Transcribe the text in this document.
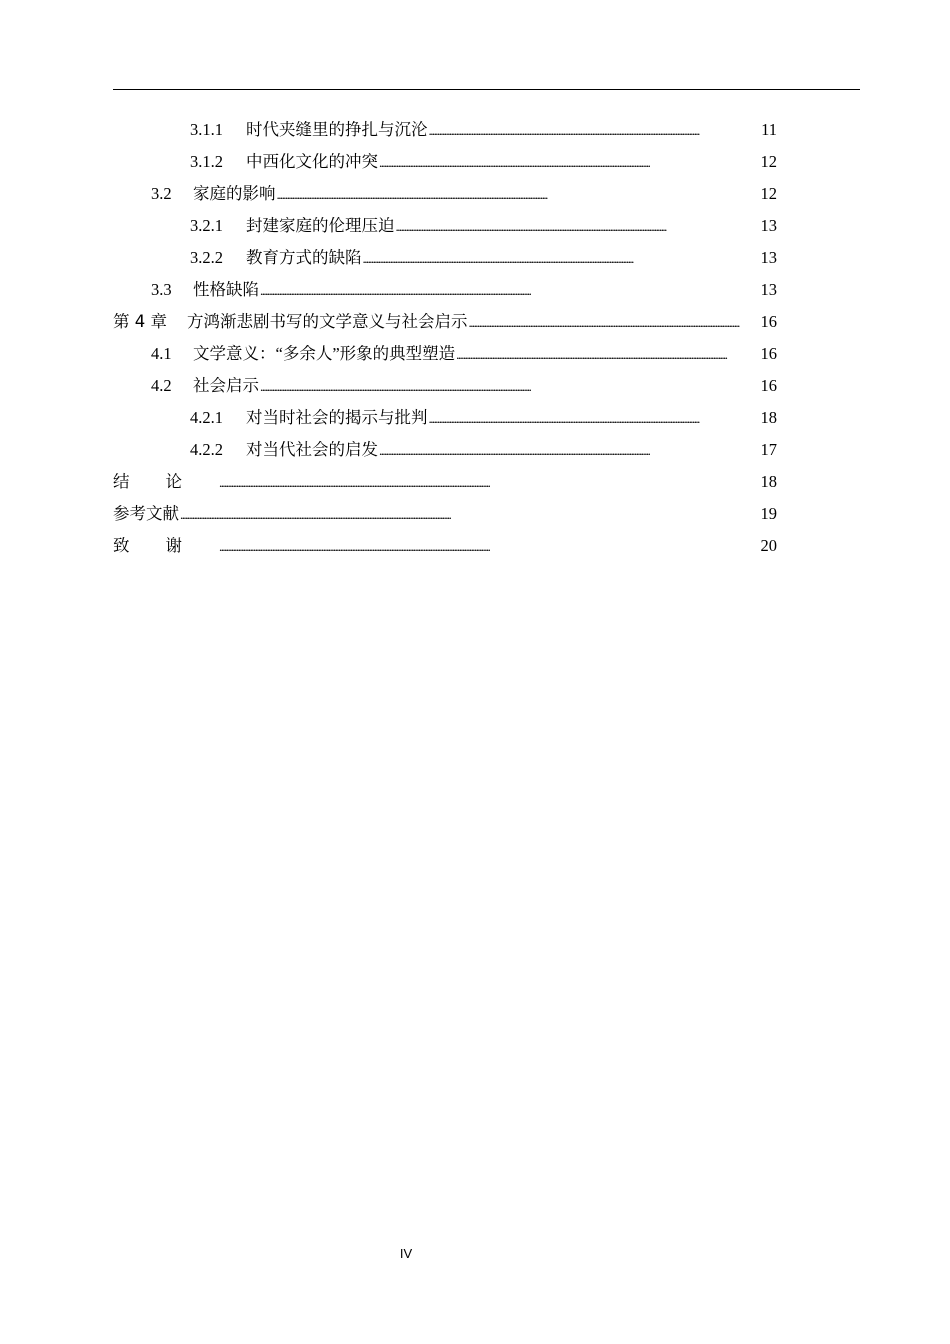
3.1.1	时代夹缝里的挣扎与沉沦 . . .	11
3.1.2	中西化文化的冲突 . . .	12
3.2	家庭的影响 . . .	12
3.2.1	封建家庭的伦理压迫 . . .	13
3.2.2	教育方式的缺陷 . . .	13
3.3	性格缺陷 . . .	13
第 4 章	方鸿渐悲剧书写的文学意义与社会启示 . . .	16
4.1	文学意义：“多余人”形象的典型塑造 . . .	16
4.2	社会启示 . . .	16
4.2.1	对当时社会的揭示与批判 . . .	18
4.2.2	对当代社会的启发 . . .	17
结论 . . .	18
参考文献 . . .	19
致谢 . . .	20
IV
